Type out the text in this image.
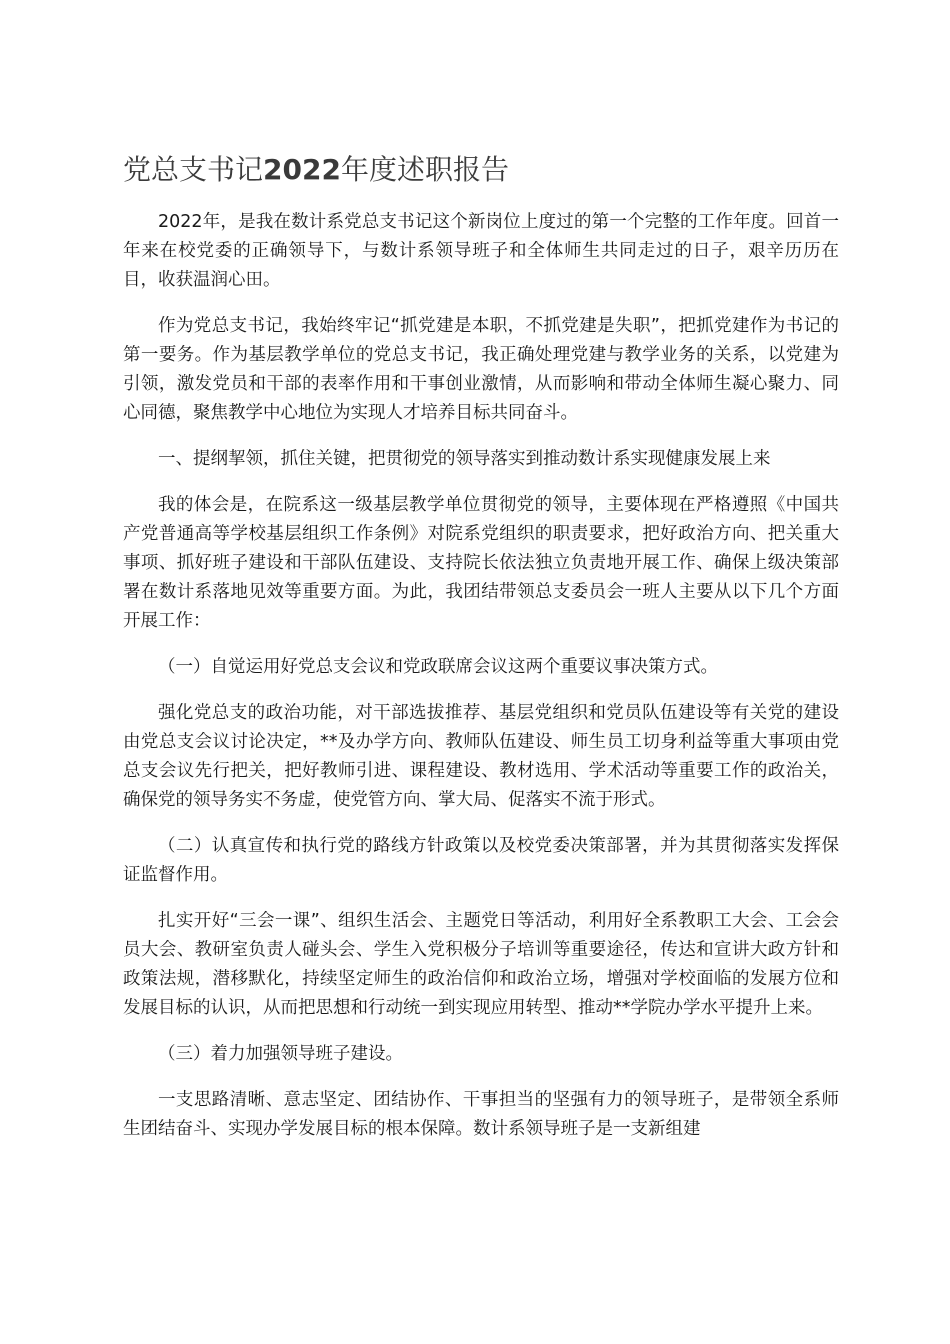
党总支书记2022年度述职报告

2022年，是我在数计系党总支书记这个新岗位上度过的第一个完整的工作年度。回首一年来在校党委的正确领导下，与数计系领导班子和全体师生共同走过的日子，艰辛历历在目，收获温润心田。

作为党总支书记，我始终牢记“抓党建是本职，不抓党建是失职”，把抓党建作为书记的第一要务。作为基层教学单位的党总支书记，我正确处理党建与教学业务的关系，以党建为引领，激发党员和干部的表率作用和干事创业激情，从而影响和带动全体师生凝心聚力、同心同德，聚焦教学中心地位为实现人才培养目标共同奋斗。

一、提纲挈领，抓住关键，把贯彻党的领导落实到推动数计系实现健康发展上来

我的体会是，在院系这一级基层教学单位贯彻党的领导，主要体现在严格遵照《中国共产党普通高等学校基层组织工作条例》对院系党组织的职责要求，把好政治方向、把关重大事项、抓好班子建设和干部队伍建设、支持院长依法独立负责地开展工作、确保上级决策部署在数计系落地见效等重要方面。为此，我团结带领总支委员会一班人主要从以下几个方面开展工作：

（一）自觉运用好党总支会议和党政联席会议这两个重要议事决策方式。

强化党总支的政治功能，对干部选拔推荐、基层党组织和党员队伍建设等有关党的建设由党总支会议讨论决定，**及办学方向、教师队伍建设、师生员工切身利益等重大事项由党总支会议先行把关，把好教师引进、课程建设、教材选用、学术活动等重要工作的政治关，确保党的领导务实不务虚，使党管方向、掌大局、促落实不流于形式。

（二）认真宣传和执行党的路线方针政策以及校党委决策部署，并为其贯彻落实发挥保证监督作用。

扎实开好“三会一课”、组织生活会、主题党日等活动，利用好全系教职工大会、工会会员大会、教研室负责人碰头会、学生入党积极分子培训等重要途径，传达和宣讲大政方针和政策法规，潜移默化，持续坚定师生的政治信仰和政治立场，增强对学校面临的发展方位和发展目标的认识，从而把思想和行动统一到实现应用转型、推动**学院办学水平提升上来。

（三）着力加强领导班子建设。

一支思路清晰、意志坚定、团结协作、干事担当的坚强有力的领导班子，是带领全系师生团结奋斗、实现办学发展目标的根本保障。数计系领导班子是一支新组建
